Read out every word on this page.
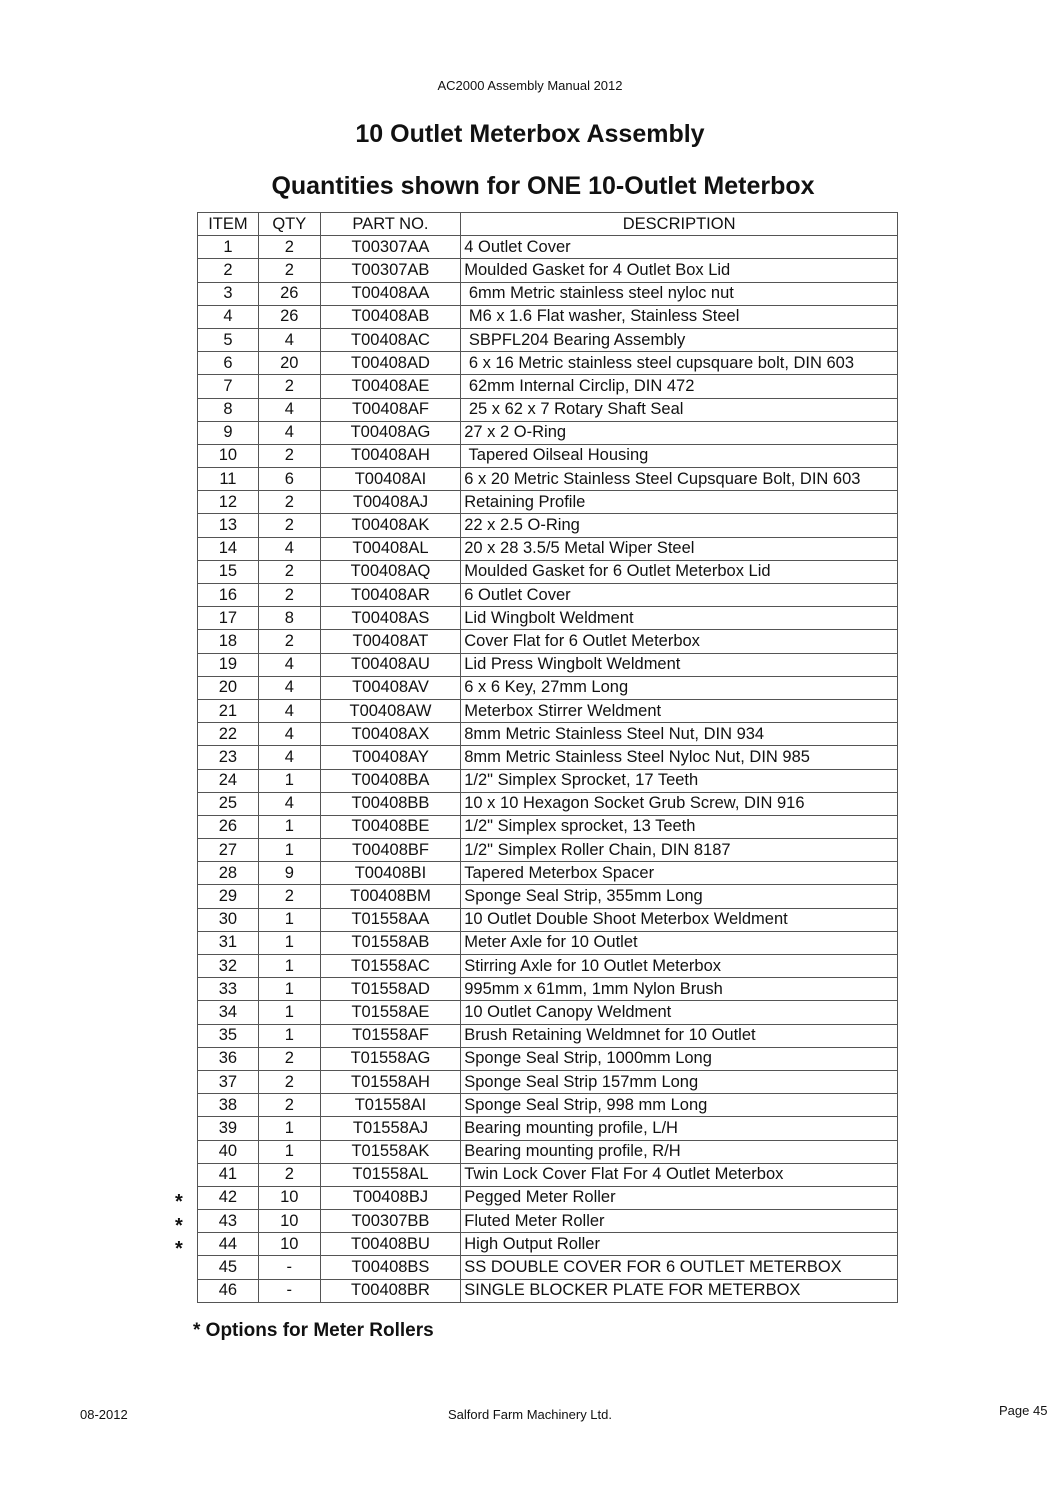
AC2000 Assembly Manual 2012
10 Outlet Meterbox Assembly
Quantities shown for ONE 10-Outlet Meterbox
ITEM	QTY	PART NO.	DESCRIPTION
1	2	T00307AA	4 Outlet Cover
2	2	T00307AB	Moulded Gasket for 4 Outlet Box Lid
3	26	T00408AA	6mm Metric stainless steel nyloc nut
4	26	T00408AB	M6 x 1.6 Flat washer, Stainless Steel
5	4	T00408AC	SBPFL204 Bearing Assembly
6	20	T00408AD	6 x 16 Metric stainless steel cupsquare bolt, DIN 603
7	2	T00408AE	62mm Internal Circlip, DIN 472
8	4	T00408AF	25 x 62 x 7 Rotary Shaft Seal
9	4	T00408AG	27 x 2 O-Ring
10	2	T00408AH	Tapered Oilseal Housing
11	6	T00408AI	6 x 20 Metric Stainless Steel Cupsquare Bolt, DIN 603
12	2	T00408AJ	Retaining Profile
13	2	T00408AK	22 x 2.5 O-Ring
14	4	T00408AL	20 x 28 3.5/5 Metal Wiper Steel
15	2	T00408AQ	Moulded Gasket for 6 Outlet Meterbox Lid
16	2	T00408AR	6 Outlet Cover
17	8	T00408AS	Lid Wingbolt Weldment
18	2	T00408AT	Cover Flat for 6 Outlet Meterbox
19	4	T00408AU	Lid Press Wingbolt Weldment
20	4	T00408AV	6 x 6 Key, 27mm Long
21	4	T00408AW	Meterbox Stirrer Weldment
22	4	T00408AX	8mm Metric Stainless Steel Nut, DIN 934
23	4	T00408AY	8mm Metric Stainless Steel Nyloc Nut, DIN 985
24	1	T00408BA	1/2" Simplex Sprocket, 17 Teeth
25	4	T00408BB	10 x 10 Hexagon Socket Grub Screw, DIN 916
26	1	T00408BE	1/2" Simplex sprocket, 13 Teeth
27	1	T00408BF	1/2" Simplex Roller Chain, DIN 8187
28	9	T00408BI	Tapered Meterbox Spacer
29	2	T00408BM	Sponge Seal Strip, 355mm Long
30	1	T01558AA	10 Outlet Double Shoot Meterbox Weldment
31	1	T01558AB	Meter Axle for 10 Outlet
32	1	T01558AC	Stirring Axle for 10 Outlet Meterbox
33	1	T01558AD	995mm x 61mm, 1mm Nylon Brush
34	1	T01558AE	10 Outlet Canopy Weldment
35	1	T01558AF	Brush Retaining Weldmnet for 10 Outlet
36	2	T01558AG	Sponge Seal Strip, 1000mm Long
37	2	T01558AH	Sponge Seal Strip 157mm Long
38	2	T01558AI	Sponge Seal Strip, 998 mm Long
39	1	T01558AJ	Bearing mounting profile, L/H
40	1	T01558AK	Bearing mounting profile, R/H
41	2	T01558AL	Twin Lock Cover Flat For 4 Outlet Meterbox
42	10	T00408BJ	Pegged Meter Roller
43	10	T00307BB	Fluted Meter Roller
44	10	T00408BU	High Output Roller
45	-	T00408BS	SS DOUBLE COVER FOR 6 OUTLET METERBOX
46	-	T00408BR	SINGLE BLOCKER PLATE FOR METERBOX
*
*
*
* Options for Meter Rollers
08-2012	Salford Farm Machinery Ltd.	Page 45
